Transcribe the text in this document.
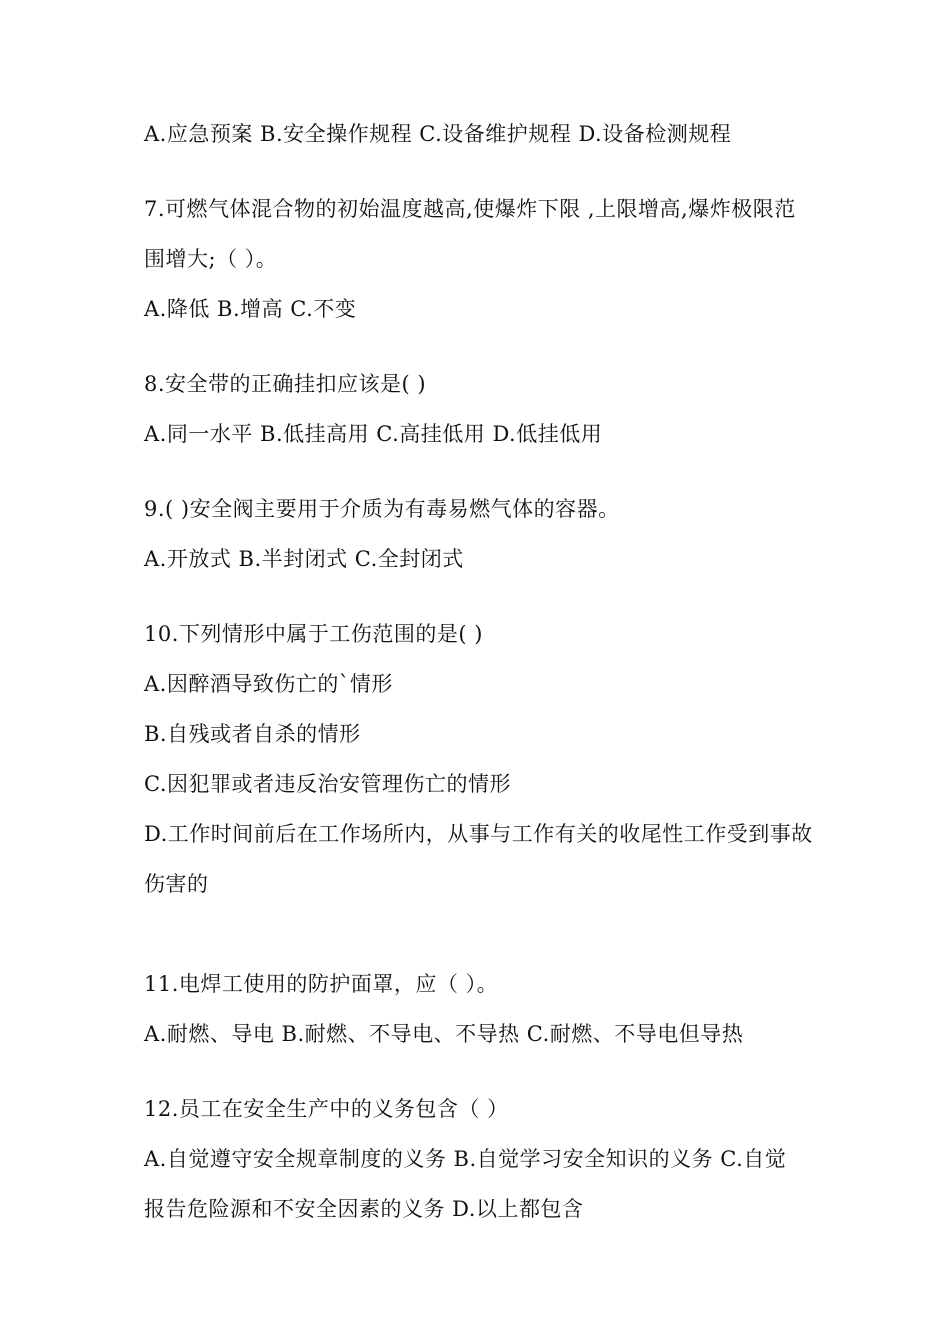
A.应急预案 B.安全操作规程 C.设备维护规程 D.设备检测规程
7.可燃气体混合物的初始温度越高,使爆炸下限 ,上限增高,爆炸极限范
围增大;（ ）。
A.降低 B.增高 C.不变
8.安全带的正确挂扣应该是( )
A.同一水平 B.低挂高用 C.高挂低用 D.低挂低用
9.( )安全阀主要用于介质为有毒易燃气体的容器。
A.开放式 B.半封闭式 C.全封闭式
10.下列情形中属于工伤范围的是( )
A.因醉酒导致伤亡的`情形
B.自残或者自杀的情形
C.因犯罪或者违反治安管理伤亡的情形
D.工作时间前后在工作场所内，从事与工作有关的收尾性工作受到事故
伤害的
11.电焊工使用的防护面罩，应（ ）。
A.耐燃、导电 B.耐燃、不导电、不导热 C.耐燃、不导电但导热
12.员工在安全生产中的义务包含（ ）
A.自觉遵守安全规章制度的义务 B.自觉学习安全知识的义务 C.自觉
报告危险源和不安全因素的义务 D.以上都包含
